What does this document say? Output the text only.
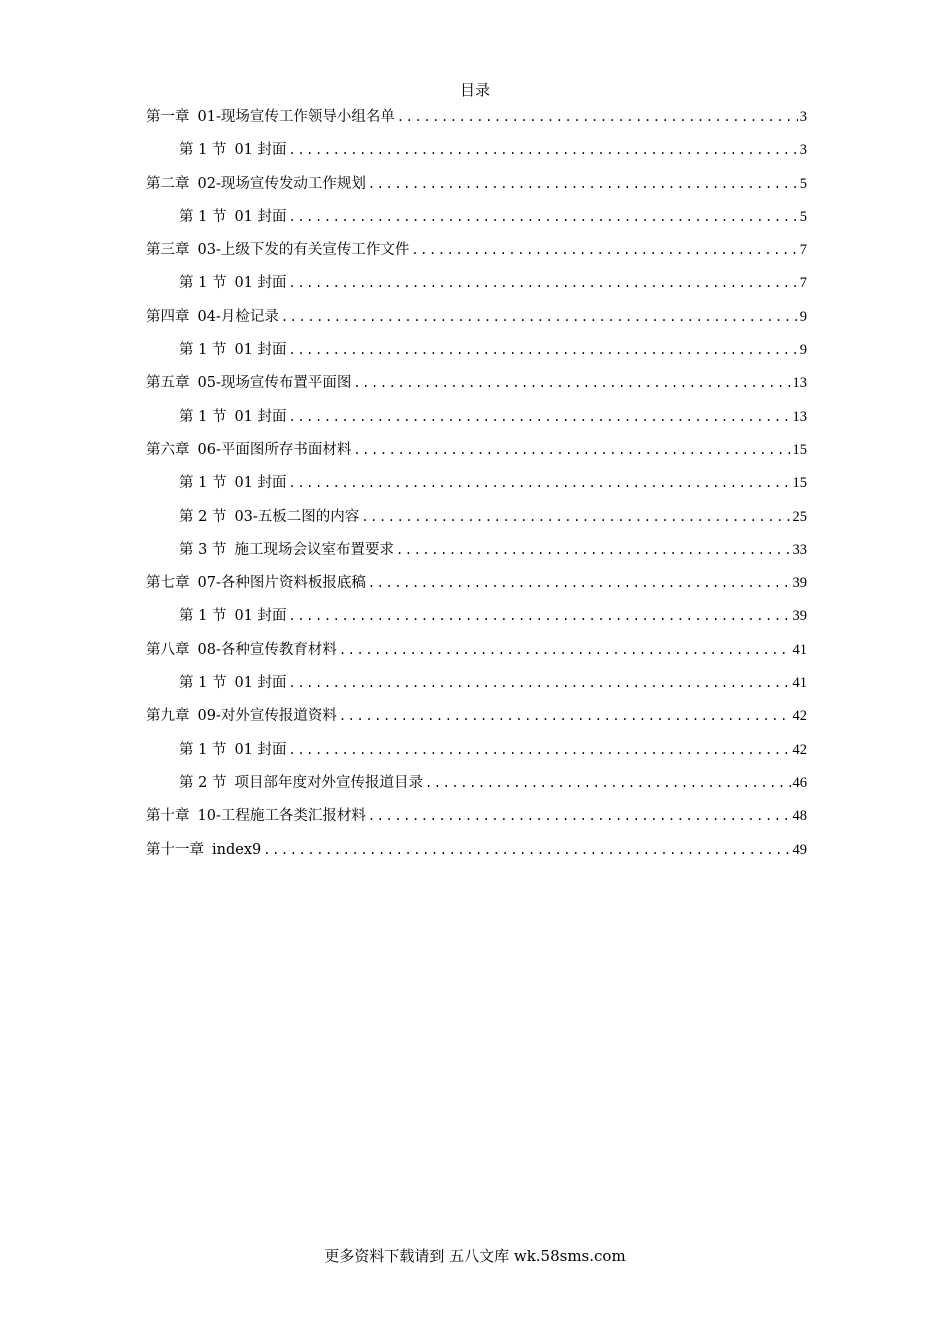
目录
第一章 01-现场宣传工作领导小组名单 .....	3
第 1 节 01 封面 .....	3
第二章 02-现场宣传发动工作规划 .....	5
第 1 节 01 封面 .....	5
第三章 03-上级下发的有关宣传工作文件 .....	7
第 1 节 01 封面 .....	7
第四章 04-月检记录 .....	9
第 1 节 01 封面 .....	9
第五章 05-现场宣传布置平面图 .....	13
第 1 节 01 封面 .....	13
第六章 06-平面图所存书面材料 .....	15
第 1 节 01 封面 .....	15
第 2 节 03-五板二图的内容 .....	25
第 3 节 施工现场会议室布置要求 .....	33
第七章 07-各种图片资料板报底稿 .....	39
第 1 节 01 封面 .....	39
第八章 08-各种宣传教育材料 .....	41
第 1 节 01 封面 .....	41
第九章 09-对外宣传报道资料 .....	42
第 1 节 01 封面 .....	42
第 2 节 项目部年度对外宣传报道目录 .....	46
第十章 10-工程施工各类汇报材料 .....	48
第十一章 index9 .....	49
更多资料下载请到 五八文库 wk.58sms.com
